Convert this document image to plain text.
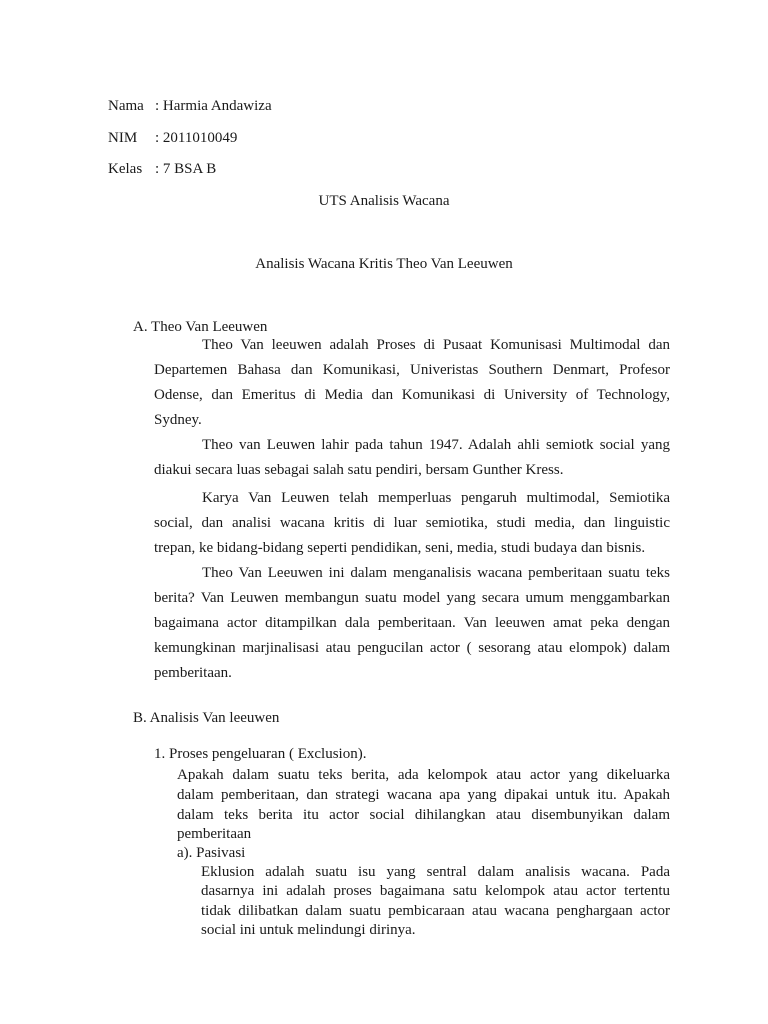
Nama : Harmia Andawiza
NIM : 2011010049
Kelas : 7 BSA B
UTS Analisis Wacana
Analisis Wacana Kritis Theo Van Leeuwen
A. Theo Van Leeuwen
Theo Van leeuwen adalah Proses di Pusaat Komunisasi Multimodal dan
Departemen Bahasa dan Komunikasi, Univeristas Southern Denmart, Profesor
Odense, dan Emeritus di Media dan Komunikasi di University of Technology,
Sydney.
Theo van Leuwen lahir pada tahun 1947. Adalah ahli semiotk social yang
diakui secara luas sebagai salah satu pendiri, bersam Gunther Kress.
Karya Van Leuwen telah memperluas pengaruh multimodal, Semiotika
social, dan analisi wacana kritis di luar semiotika, studi media, dan linguistic
trepan, ke bidang-bidang seperti pendidikan, seni, media, studi budaya dan bisnis.
Theo Van Leeuwen ini dalam menganalisis wacana pemberitaan suatu teks
berita? Van Leuwen membangun suatu model yang secara umum menggambarkan
bagaimana actor ditampilkan dala pemberitaan. Van leeuwen amat peka dengan
kemungkinan marjinalisasi atau pengucilan actor ( sesorang atau elompok) dalam
pemberitaan.
B. Analisis Van leeuwen
1. Proses pengeluaran ( Exclusion).
Apakah dalam suatu teks berita, ada kelompok atau actor yang dikeluarka
dalam pemberitaan, dan strategi wacana apa yang dipakai untuk itu. Apakah
dalam teks berita itu actor social dihilangkan atau disembunyikan dalam
pemberitaan
a). Pasivasi
Eklusion adalah suatu isu yang sentral dalam analisis wacana. Pada
dasarnya ini adalah proses bagaimana satu kelompok atau actor tertentu
tidak dilibatkan dalam suatu pembicaraan atau wacana penghargaan actor
social ini untuk melindungi dirinya.
